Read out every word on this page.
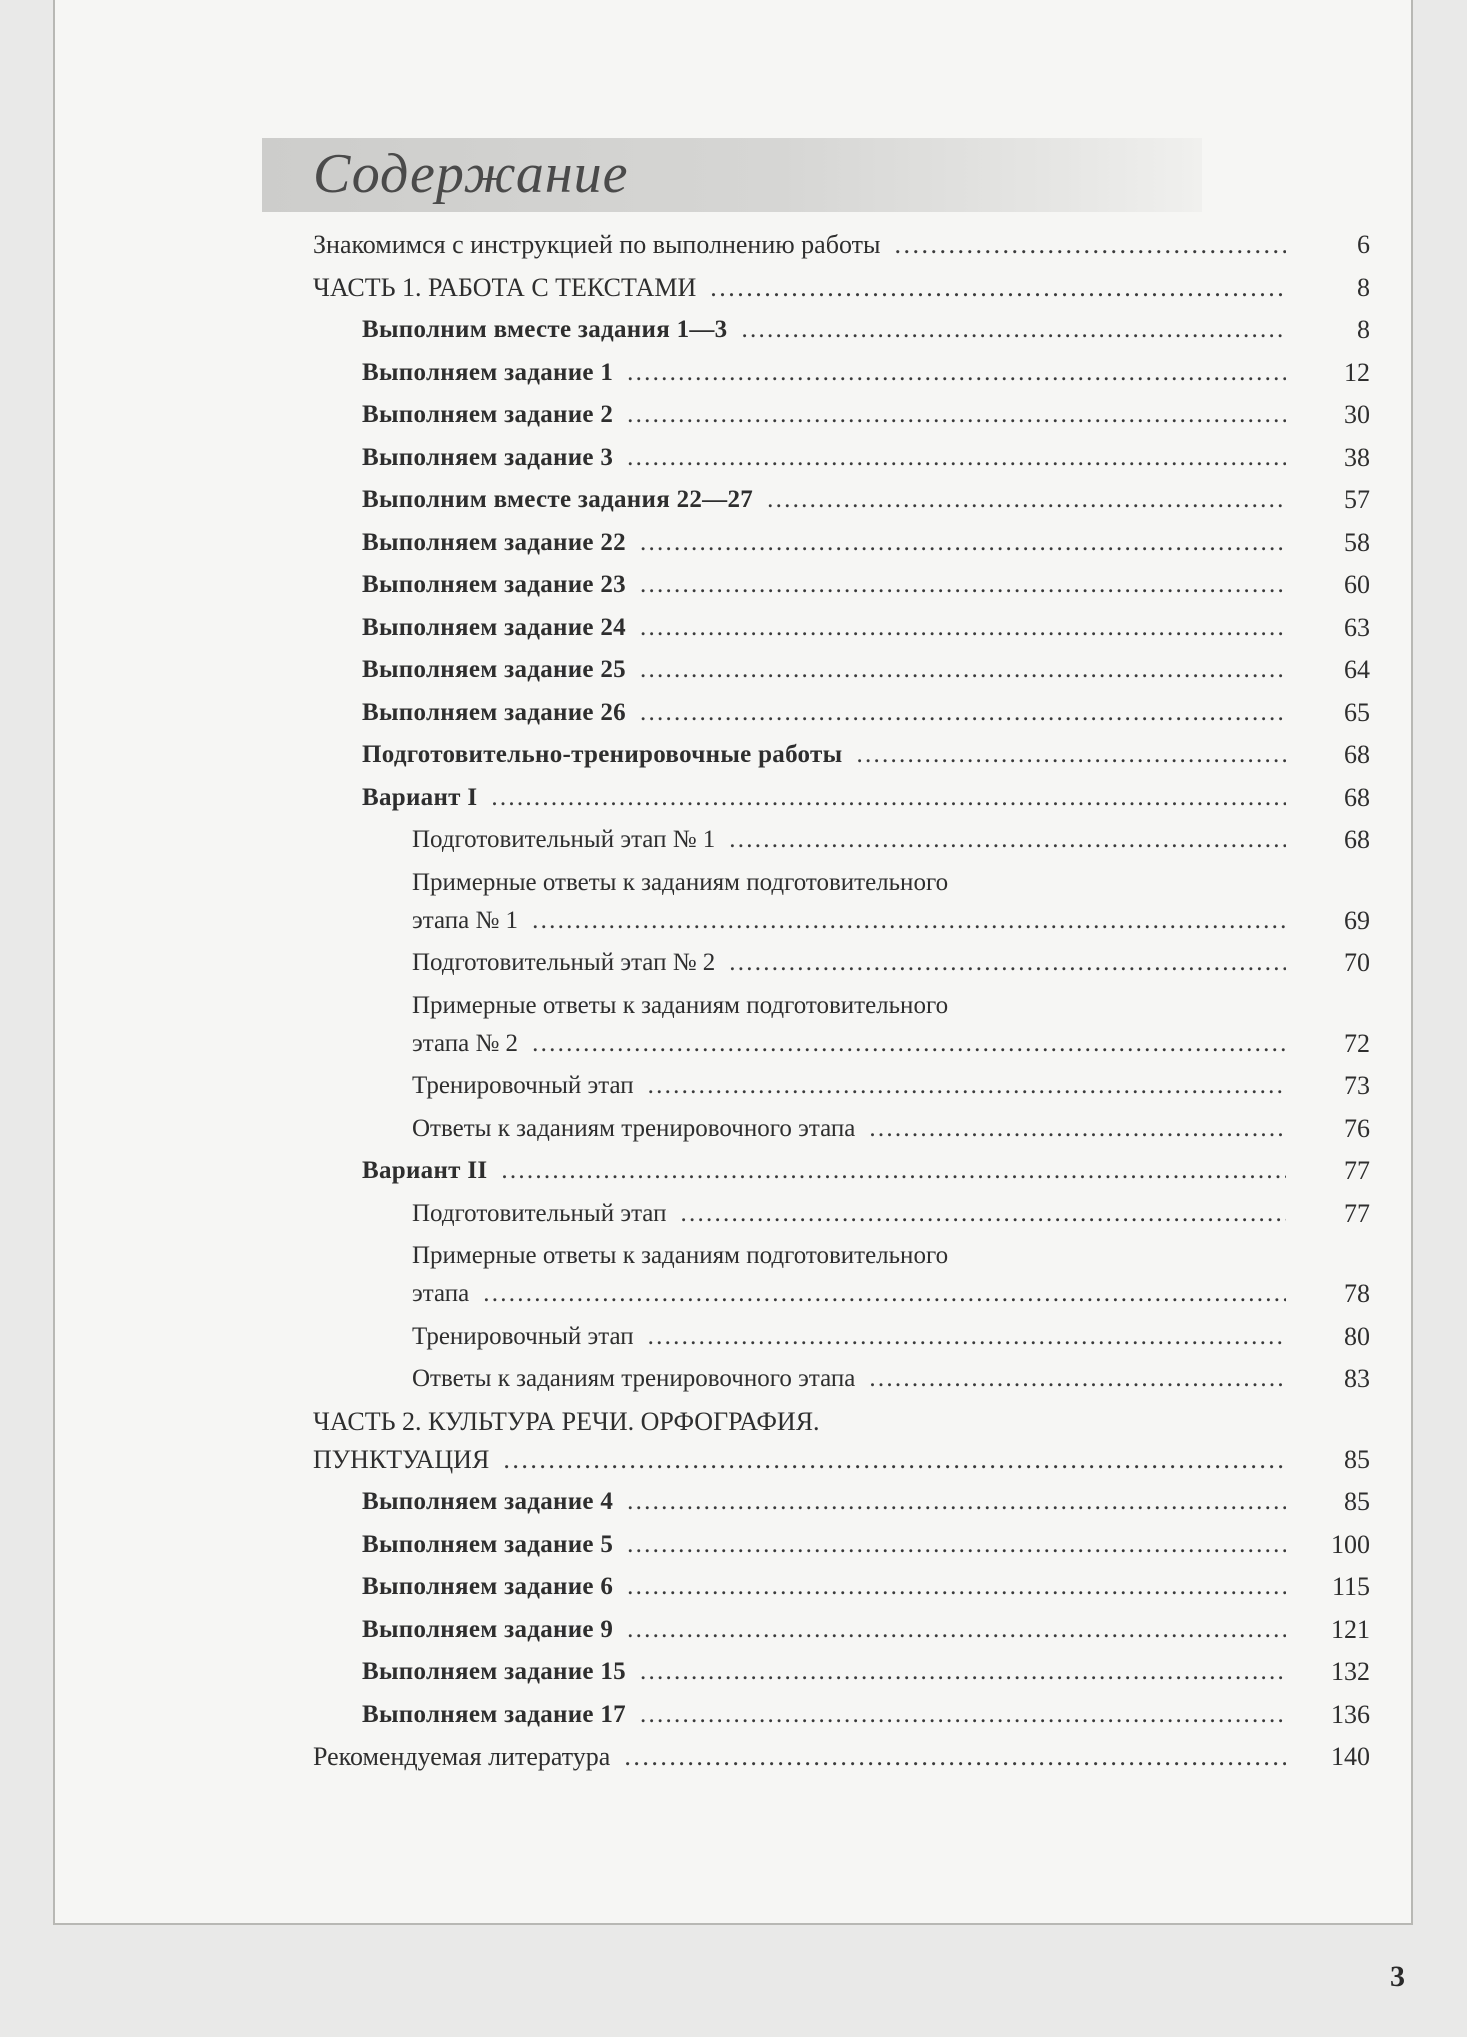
Содержание
Знакомимся с инструкцией по выполнению работы . . .	6
ЧАСТЬ 1. РАБОТА С ТЕКСТАМИ . . .	8
Выполним вместе задания 1—3 . . .	8
Выполняем задание 1 . . .	12
Выполняем задание 2 . . .	30
Выполняем задание 3 . . .	38
Выполним вместе задания 22—27 . . .	57
Выполняем задание 22 . . .	58
Выполняем задание 23 . . .	60
Выполняем задание 24 . . .	63
Выполняем задание 25 . . .	64
Выполняем задание 26 . . .	65
Подготовительно-тренировочные работы . . .	68
Вариант I . . .	68
Подготовительный этап № 1 . . .	68
Примерные ответы к заданиям подготовительного
этапа № 1 . . .	69
Подготовительный этап № 2 . . .	70
Примерные ответы к заданиям подготовительного
этапа № 2 . . .	72
Тренировочный этап . . .	73
Ответы к заданиям тренировочного этапа . . .	76
Вариант II . . .	77
Подготовительный этап . . .	77
Примерные ответы к заданиям подготовительного
этапа . . .	78
Тренировочный этап . . .	80
Ответы к заданиям тренировочного этапа . . .	83
ЧАСТЬ 2. КУЛЬТУРА РЕЧИ. ОРФОГРАФИЯ.
ПУНКТУАЦИЯ . . .	85
Выполняем задание 4 . . .	85
Выполняем задание 5 . . .	100
Выполняем задание 6 . . .	115
Выполняем задание 9 . . .	121
Выполняем задание 15 . . .	132
Выполняем задание 17 . . .	136
Рекомендуемая литература . . .	140
3
